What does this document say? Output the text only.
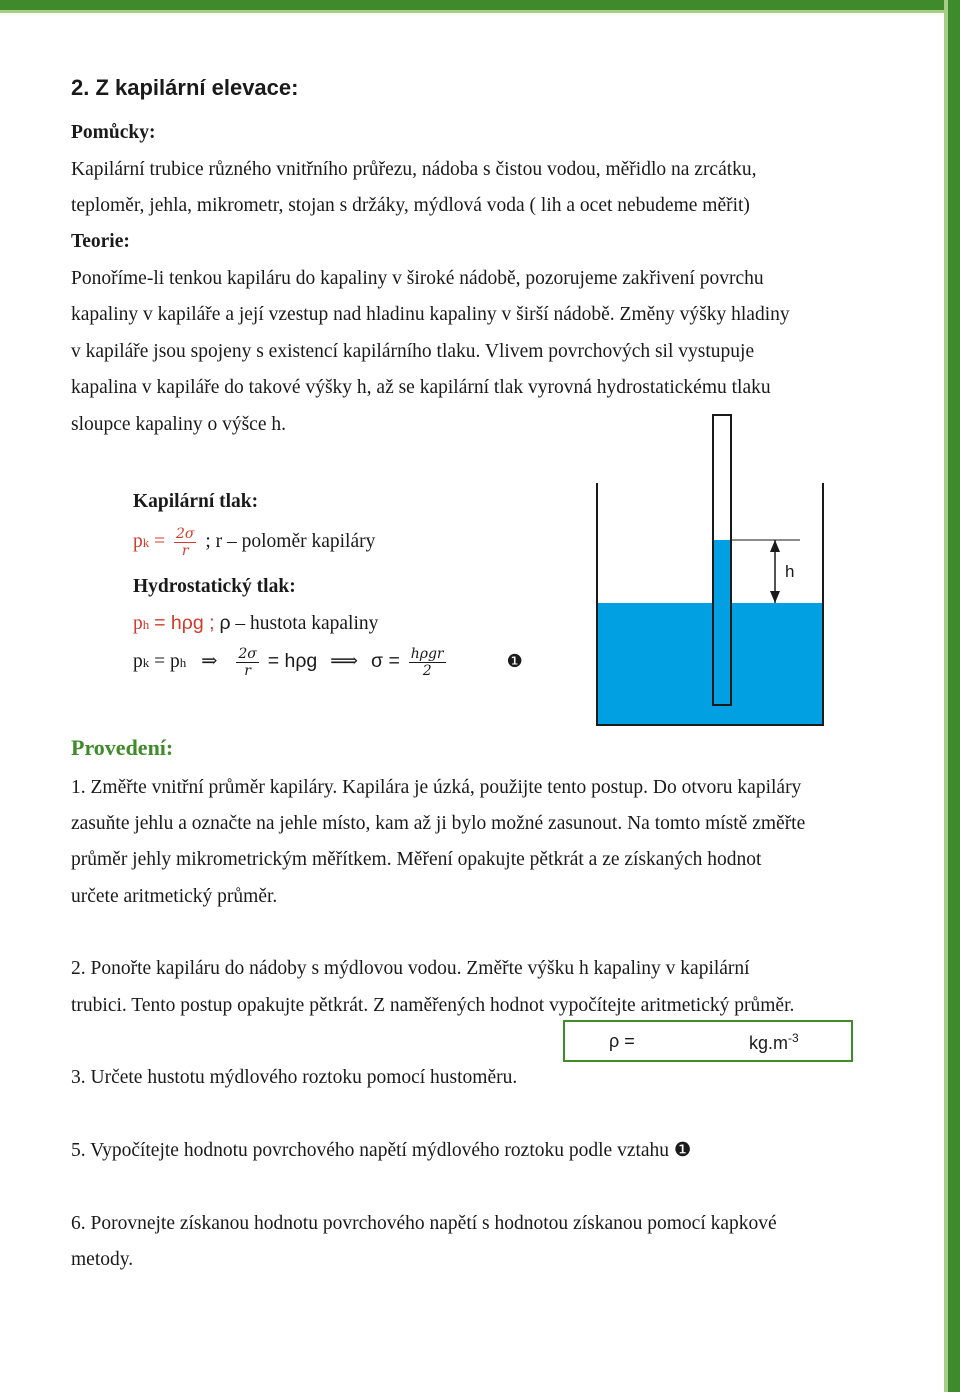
2. Z kapilární elevace:
Pomůcky:
Kapilární trubice různého vnitřního průřezu, nádoba s čistou vodou, měřidlo na zrcátku,
teploměr, jehla, mikrometr, stojan s držáky, mýdlová voda ( lih a ocet nebudeme měřit)
Teorie:
Ponoříme-li tenkou kapiláru do kapaliny v široké nádobě, pozorujeme zakřivení povrchu
kapaliny v kapiláře a její vzestup nad hladinu kapaliny v širší nádobě. Změny výšky hladiny
v kapiláře jsou spojeny s existencí kapilárního tlaku. Vlivem povrchových sil vystupuje
kapalina v kapiláře do takové výšky h, až se kapilární tlak vyrovná hydrostatickému tlaku
sloupce kapaliny o výšce h.
Kapilární tlak:
pk = $\frac{2\sigma}{r}$ ; r – poloměr kapiláry
Hydrostatický tlak:
ph = hρg ; ρ – hustota kapaliny
pk = ph ⇒ $\frac{2\sigma}{r} = h\rho g$ ⟹ $\sigma = \frac{\text{hρgr}}{2}$	❶
h
Provedení:
1. Změřte vnitřní průměr kapiláry. Kapilára je úzká, použijte tento postup. Do otvoru kapiláry
zasuňte jehlu a označte na jehle místo, kam až ji bylo možné zasunout. Na tomto místě změřte
průměr jehly mikrometrickým měřítkem. Měření opakujte pětkrát a ze získaných hodnot
určete aritmetický průměr.
2. Ponořte kapiláru do nádoby s mýdlovou vodou. Změřte výšku h kapaliny v kapilární
trubici. Tento postup opakujte pětkrát. Z naměřených hodnot vypočítejte aritmetický průměr.
ρ =	$kg.m^{-3}$
3. Určete hustotu mýdlového roztoku pomocí hustoměru.
5. Vypočítejte hodnotu povrchového napětí mýdlového roztoku podle vztahu ❶
6. Porovnejte získanou hodnotu povrchového napětí s hodnotou získanou pomocí kapkové
metody.
